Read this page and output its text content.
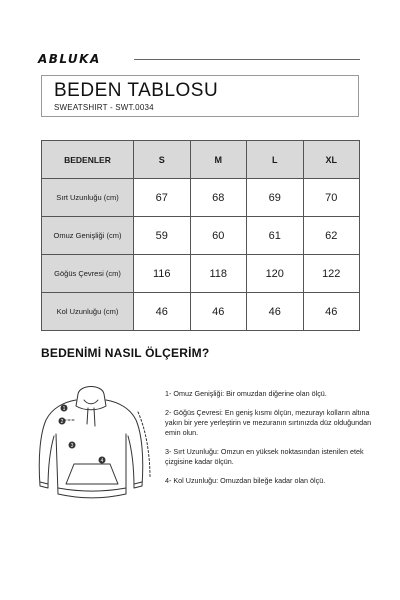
ABLUKA
BEDEN TABLOSU
SWEATSHIRT - SWT.0034
BEDENLER	S	M	L	XL
Sırt Uzunluğu (cm)	67	68	69	70
Omuz Genişliği (cm)	59	60	61	62
Göğüs Çevresi (cm)	116	118	120	122
Kol Uzunluğu (cm)	46	46	46	46
BEDENİMİ NASIL ÖLÇERİM?
1
2
3
4

1- Omuz Genişliği: Bir omuzdan diğerine olan ölçü.

2- Göğüs Çevresi: En geniş kısmı ölçün, mezurayı kolların altına yakın bir yere yerleştirin ve mezuranın sırtınızda düz olduğundan emin olun.

3- Sırt Uzunluğu: Omzun en yüksek noktasından istenilen etek çizgisine kadar ölçün.

4- Kol Uzunluğu: Omuzdan bileğe kadar olan ölçü.
